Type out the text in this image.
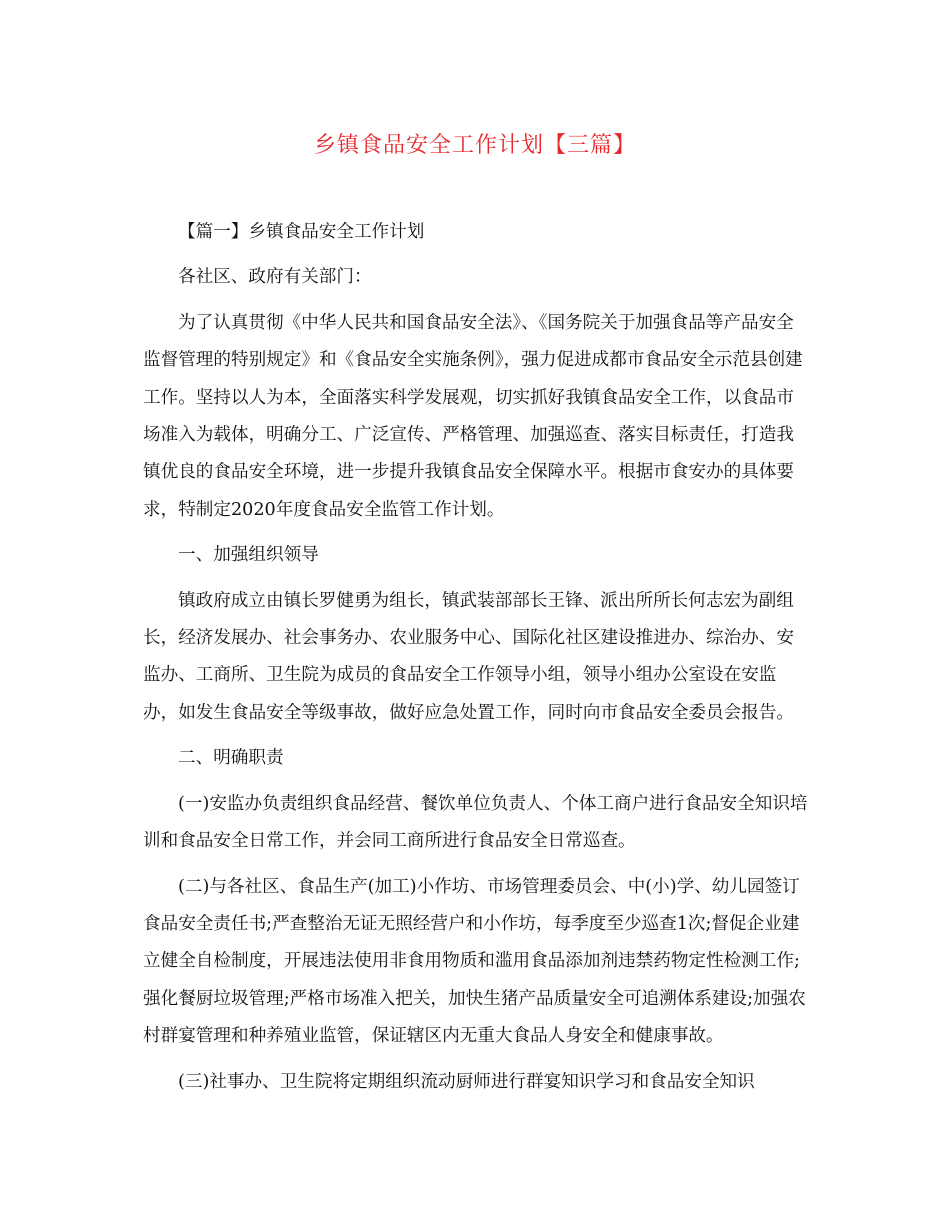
乡镇食品安全工作计划【三篇】

【篇一】乡镇食品安全工作计划

各社区、政府有关部门：

为了认真贯彻《中华人民共和国食品安全法》、《国务院关于加强食品等产品安全监督管理的特别规定》和《食品安全实施条例》，强力促进成都市食品安全示范县创建工作。坚持以人为本，全面落实科学发展观，切实抓好我镇食品安全工作，以食品市场准入为载体，明确分工、广泛宣传、严格管理、加强巡查、落实目标责任，打造我镇优良的食品安全环境，进一步提升我镇食品安全保障水平。根据市食安办的具体要求，特制定2020年度食品安全监管工作计划。

一、加强组织领导

镇政府成立由镇长罗健勇为组长，镇武装部部长王锋、派出所所长何志宏为副组长，经济发展办、社会事务办、农业服务中心、国际化社区建设推进办、综治办、安监办、工商所、卫生院为成员的食品安全工作领导小组，领导小组办公室设在安监办，如发生食品安全等级事故，做好应急处置工作，同时向市食品安全委员会报告。

二、明确职责

(一)安监办负责组织食品经营、餐饮单位负责人、个体工商户进行食品安全知识培训和食品安全日常工作，并会同工商所进行食品安全日常巡查。

(二)与各社区、食品生产(加工)小作坊、市场管理委员会、中(小)学、幼儿园签订食品安全责任书;严查整治无证无照经营户和小作坊，每季度至少巡查1次;督促企业建立健全自检制度，开展违法使用非食用物质和滥用食品添加剂违禁药物定性检测工作;强化餐厨垃圾管理;严格市场准入把关，加快生猪产品质量安全可追溯体系建设;加强农村群宴管理和种养殖业监管，保证辖区内无重大食品人身安全和健康事故。

(三)社事办、卫生院将定期组织流动厨师进行群宴知识学习和食品安全知识
